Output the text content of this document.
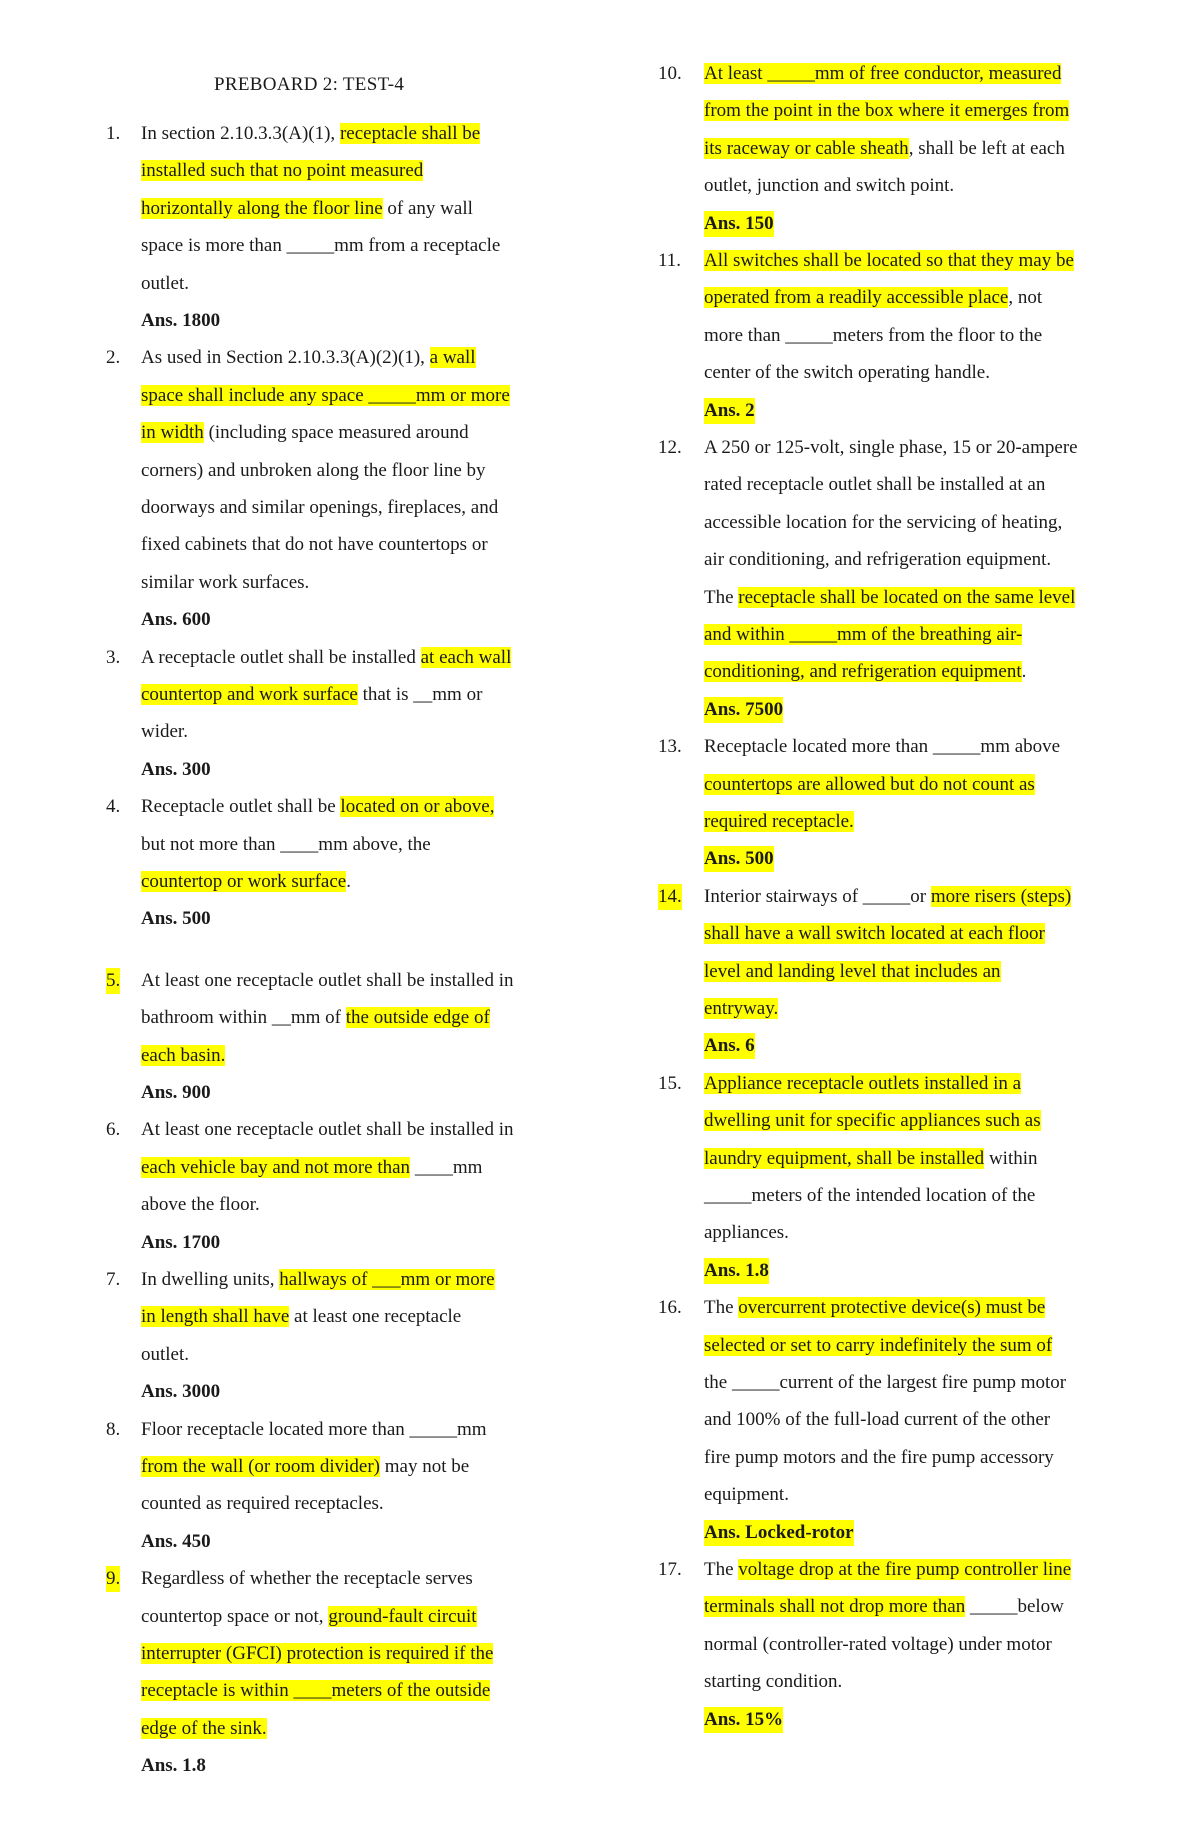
PREBOARD 2: TEST-4
1. In section 2.10.3.3(A)(1), receptacle shall be
installed such that no point measured
horizontally along the floor line of any wall
space is more than _____mm from a receptacle
outlet.
Ans. 1800
2. As used in Section 2.10.3.3(A)(2)(1), a wall
space shall include any space _____mm or more
in width (including space measured around
corners) and unbroken along the floor line by
doorways and similar openings, fireplaces, and
fixed cabinets that do not have countertops or
similar work surfaces.
Ans. 600
3. A receptacle outlet shall be installed at each wall
countertop and work surface that is __mm or
wider.
Ans. 300
4. Receptacle outlet shall be located on or above,
but not more than ____mm above, the
countertop or work surface.
Ans. 500
5. At least one receptacle outlet shall be installed in
bathroom within __mm of the outside edge of
each basin.
Ans. 900
6. At least one receptacle outlet shall be installed in
each vehicle bay and not more than ____mm
above the floor.
Ans. 1700
7. In dwelling units, hallways of ___mm or more
in length shall have at least one receptacle
outlet.
Ans. 3000
8. Floor receptacle located more than _____mm
from the wall (or room divider) may not be
counted as required receptacles.
Ans. 450
9. Regardless of whether the receptacle serves
countertop space or not, ground-fault circuit
interrupter (GFCI) protection is required if the
receptacle is within ____meters of the outside
edge of the sink.
Ans. 1.8
10. At least _____mm of free conductor, measured
from the point in the box where it emerges from
its raceway or cable sheath, shall be left at each
outlet, junction and switch point.
Ans. 150
11. All switches shall be located so that they may be
operated from a readily accessible place, not
more than _____meters from the floor to the
center of the switch operating handle.
Ans. 2
12. A 250 or 125-volt, single phase, 15 or 20-ampere
rated receptacle outlet shall be installed at an
accessible location for the servicing of heating,
air conditioning, and refrigeration equipment.
The receptacle shall be located on the same level
and within _____mm of the breathing air-
conditioning, and refrigeration equipment.
Ans. 7500
13. Receptacle located more than _____mm above
countertops are allowed but do not count as
required receptacle.
Ans. 500
14. Interior stairways of _____or more risers (steps)
shall have a wall switch located at each floor
level and landing level that includes an
entryway.
Ans. 6
15. Appliance receptacle outlets installed in a
dwelling unit for specific appliances such as
laundry equipment, shall be installed within
_____meters of the intended location of the
appliances.
Ans. 1.8
16. The overcurrent protective device(s) must be
selected or set to carry indefinitely the sum of
the _____current of the largest fire pump motor
and 100% of the full-load current of the other
fire pump motors and the fire pump accessory
equipment.
Ans. Locked-rotor
17. The voltage drop at the fire pump controller line
terminals shall not drop more than _____below
normal (controller-rated voltage) under motor
starting condition.
Ans. 15%
